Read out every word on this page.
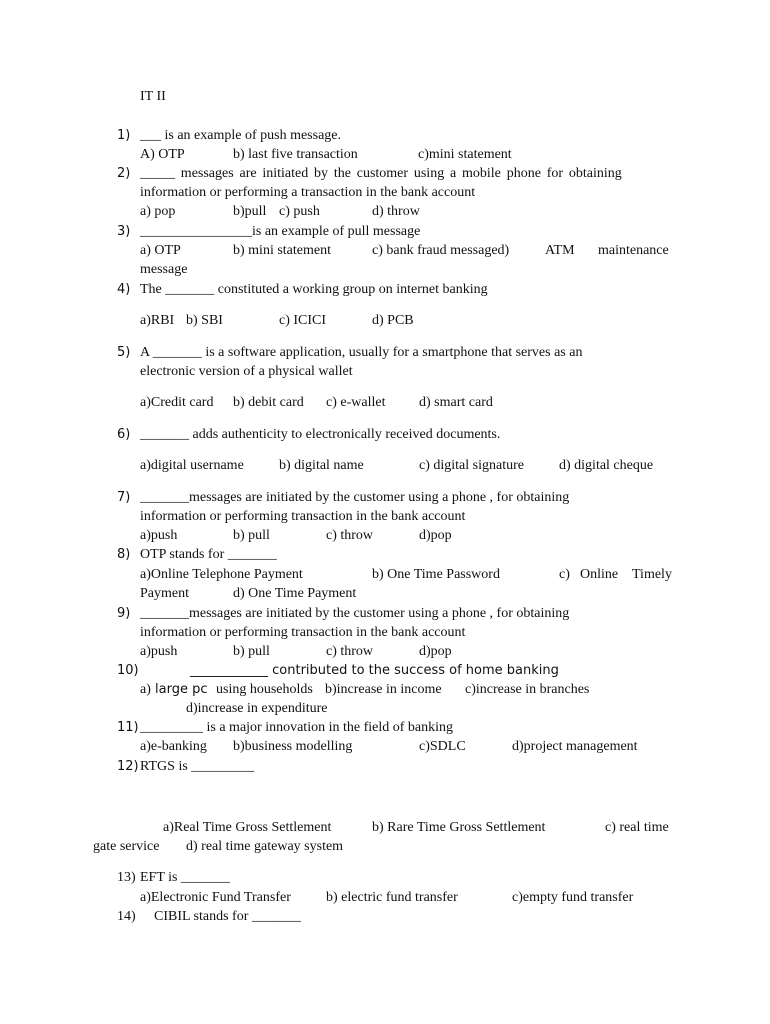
IT II
1) ___ is an example of push message.
A) OTP	b) last five transaction	c)mini statement
2) _____ messages are initiated by the customer using a mobile phone for obtaining
information or performing a transaction in the bank account
a) pop	b)pull c) push	d) throw
3) ________________is an example of pull message
a) OTP	b) mini statement	c) bank fraud messaged)	ATM maintenance
message
4) The _______ constituted a working group on internet banking
a)RBI b) SBI	c) ICICI	d) PCB
5) A _______ is a software application, usually for a smartphone that serves as an
electronic version of a physical wallet
a)Credit card b) debit card c) e-wallet d) smart card
6) _______ adds authenticity to electronically received documents.
a)digital username	b) digital name	c) digital signature	d) digital cheque
7) _______messages are initiated by the customer using a phone , for obtaining
information or performing transaction in the bank account
a)push	b) pull	c) throw	d)pop
8) OTP stands for _______
a)Online Telephone Payment	b) One Time Password	c) Online Timely
Payment	d) One Time Payment
9) _______messages are initiated by the customer using a phone , for obtaining
information or performing transaction in the bank account
a)push	b) pull	c) throw	d)pop
10)	____________ contributed to the success of home banking
a) large pc using households b)increase in income c)increase in branches
d)increase in expenditure
11) _________ is a major innovation in the field of banking
a)e-banking b)business modelling	c)SDLC	d)project management
12) RTGS is _________
a)Real Time Gross Settlement	b) Rare Time Gross Settlement	c) real time
gate service d) real time gateway system
13) EFT is _______
a)Electronic Fund Transfer	b) electric fund transfer	c)empty fund transfer
14) CIBIL stands for _______
